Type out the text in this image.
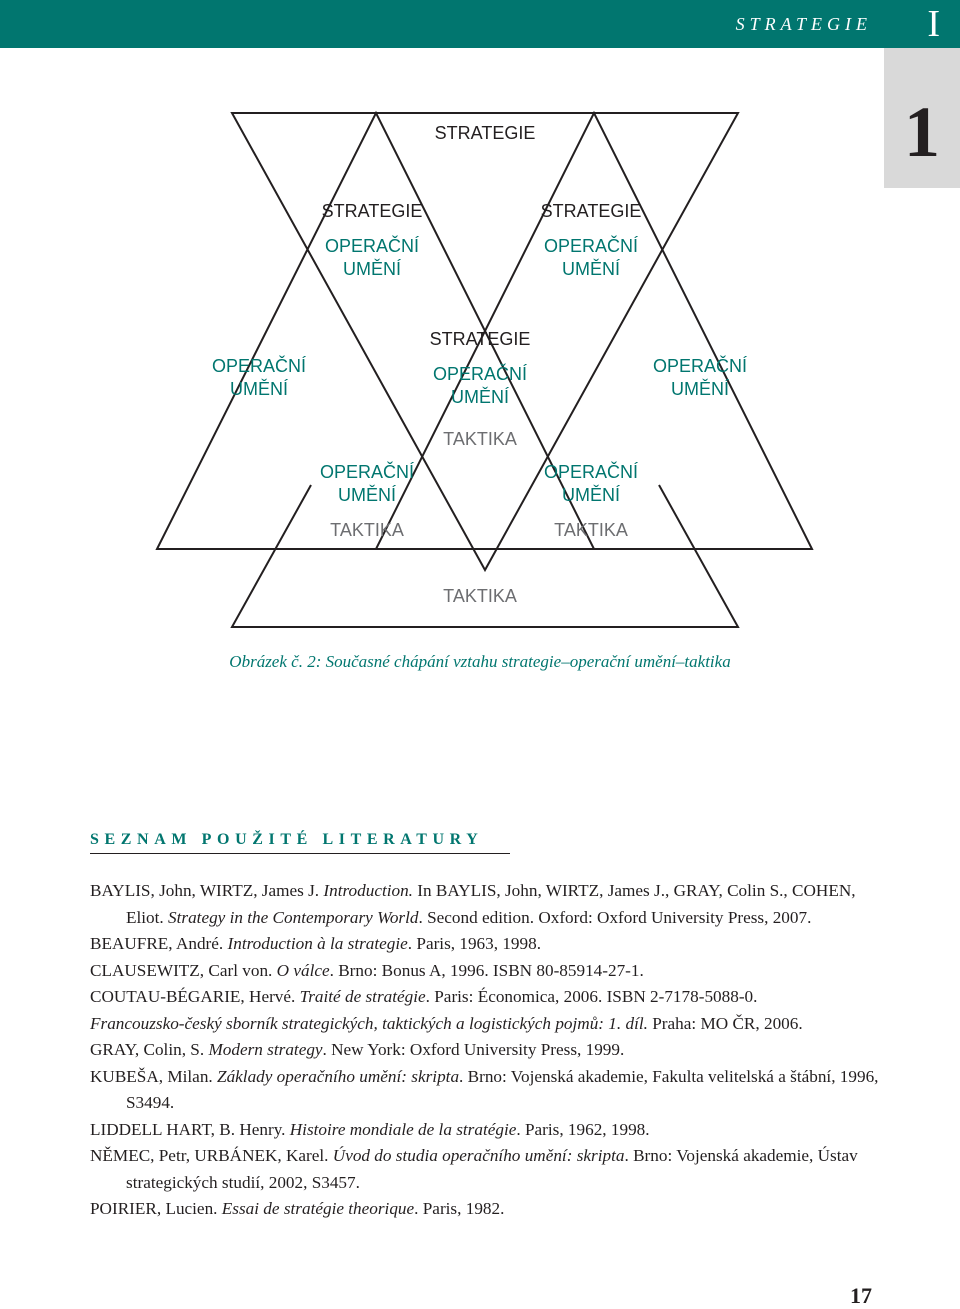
STRATEGIE I
1
STRATEGIE
STRATEGIE
OPERAČNÍ
UMĚNÍ
STRATEGIE
OPERAČNÍ
UMĚNÍ
OPERAČNÍ
UMĚNÍ
STRATEGIE
OPERAČNÍ
UMĚNÍ
OPERAČNÍ
UMĚNÍ
TAKTIKA
OPERAČNÍ
UMĚNÍ
TAKTIKA
OPERAČNÍ
UMĚNÍ
TAKTIKA
TAKTIKA
Obrázek č. 2: Současné chápání vztahu strategie–operační umění–taktika
SEZNAM POUŽITÉ LITERATURY
BAYLIS, John, WIRTZ, James J. Introduction. In BAYLIS, John, WIRTZ, James J., GRAY, Colin S., COHEN, Eliot. Strategy in the Contemporary World. Second edition. Oxford: Oxford University Press, 2007.
BEAUFRE, André. Introduction à la strategie. Paris, 1963, 1998.
CLAUSEWITZ, Carl von. O válce. Brno: Bonus A, 1996. ISBN 80-85914-27-1.
COUTAU-BÉGARIE, Hervé. Traité de stratégie. Paris: Économica, 2006. ISBN 2-7178-5088-0.
Francouzsko-český sborník strategických, taktických a logistických pojmů: 1. díl. Praha: MO ČR, 2006.
GRAY, Colin, S. Modern strategy. New York: Oxford University Press, 1999.
KUBEŠA, Milan. Základy operačního umění: skripta. Brno: Vojenská akademie, Fakulta velitelská a štábní, 1996, S3494.
LIDDELL HART, B. Henry. Histoire mondiale de la stratégie. Paris, 1962, 1998.
NĚMEC, Petr, URBÁNEK, Karel. Úvod do studia operačního umění: skripta. Brno: Vojenská akademie, Ústav strategických studií, 2002, S3457.
POIRIER, Lucien. Essai de stratégie theorique. Paris, 1982.
17
